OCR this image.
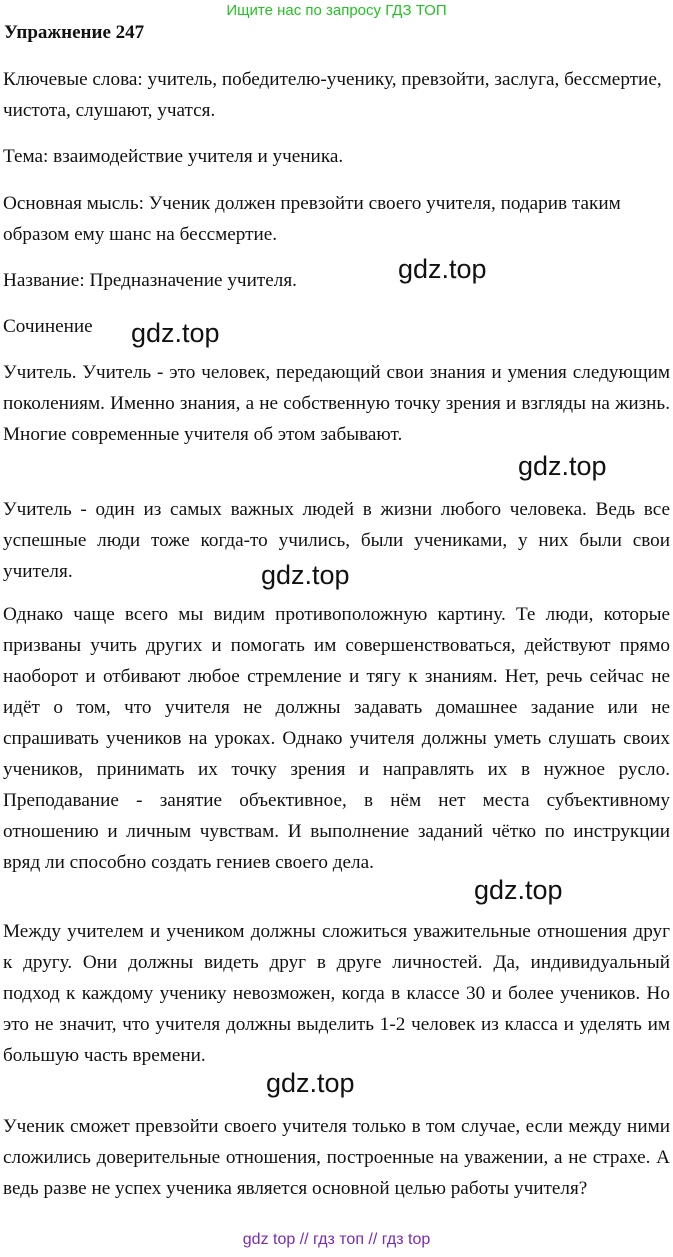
Ищите нас по запросу ГДЗ ТОП
Упражнение 247

Ключевые слова: учитель, победителю-ученику, превзойти, заслуга, бессмертие, чистота, слушают, учатся.

Тема: взаимодействие учителя и ученика.

Основная мысль: Ученик должен превзойти своего учителя, подарив таким образом ему шанс на бессмертие.

Название: Предназначение учителя.

Сочинение

Учитель. Учитель - это человек, передающий свои знания и умения следующим поколениям. Именно знания, а не собственную точку зрения и взгляды на жизнь. Многие современные учителя об этом забывают.

Учитель - один из самых важных людей в жизни любого человека. Ведь все успешные люди тоже когда-то учились, были учениками, у них были свои учителя.

Однако чаще всего мы видим противоположную картину. Те люди, которые призваны учить других и помогать им совершенствоваться, действуют прямо наоборот и отбивают любое стремление и тягу к знаниям. Нет, речь сейчас не идёт о том, что учителя не должны задавать домашнее задание или не спрашивать учеников на уроках. Однако учителя должны уметь слушать своих учеников, принимать их точку зрения и направлять их в нужное русло. Преподавание - занятие объективное, в нём нет места субъективному отношению и личным чувствам. И выполнение заданий чётко по инструкции вряд ли способно создать гениев своего дела.

Между учителем и учеником должны сложиться уважительные отношения друг к другу. Они должны видеть друг в друге личностей. Да, индивидуальный подход к каждому ученику невозможен, когда в классе 30 и более учеников. Но это не значит, что учителя должны выделить 1-2 человек из класса и уделять им большую часть времени.

Ученик сможет превзойти своего учителя только в том случае, если между ними сложились доверительные отношения, построенные на уважении, а не страхе. А ведь разве не успех ученика является основной целью работы учителя?

gdz.top
gdz.top
gdz.top
gdz.top
gdz.top
gdz.top
gdz top // гдз топ // гдз top
